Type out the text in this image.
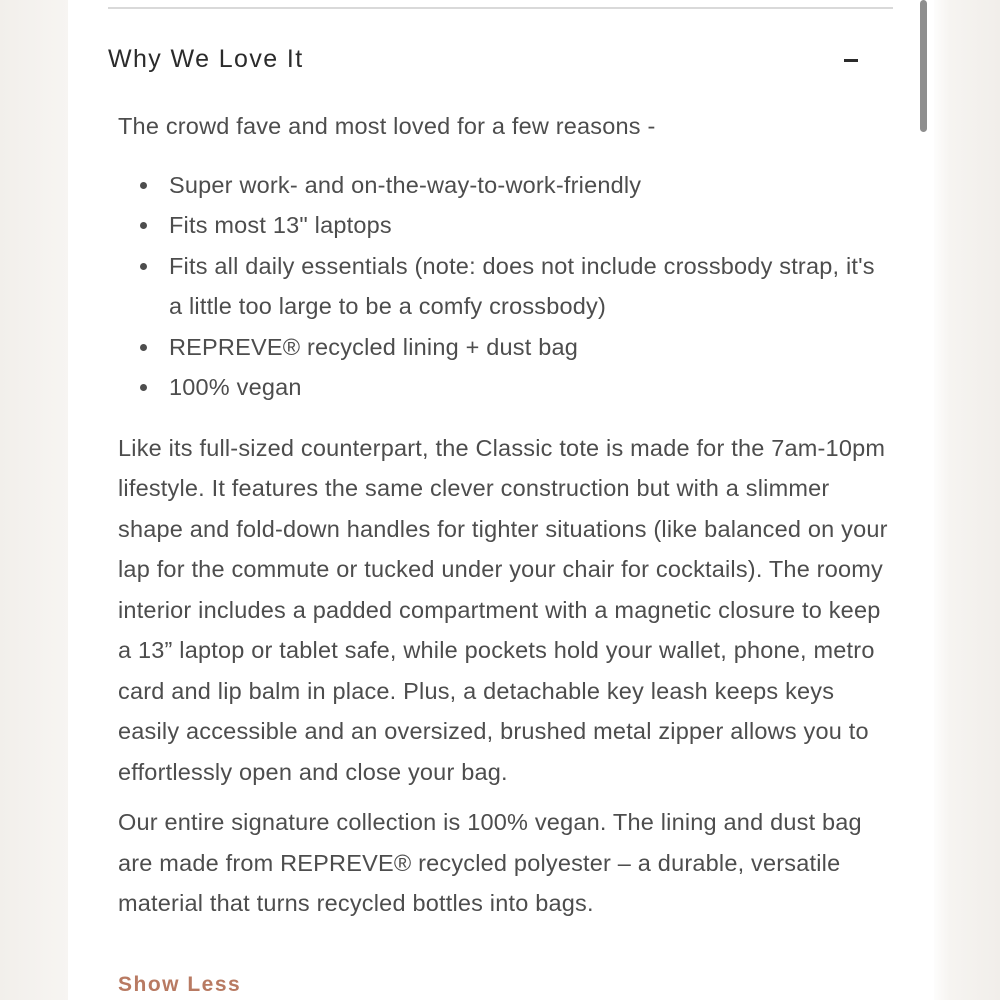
Why We Love It

The crowd fave and most loved for a few reasons -

Super work- and on-the-way-to-work-friendly
Fits most 13" laptops
Fits all daily essentials (note: does not include crossbody strap, it's a little too large to be a comfy crossbody)
REPREVE® recycled lining + dust bag
100% vegan

Like its full-sized counterpart, the Classic tote is made for the 7am-10pm lifestyle. It features the same clever construction but with a slimmer shape and fold-down handles for tighter situations (like balanced on your lap for the commute or tucked under your chair for cocktails). The roomy interior includes a padded compartment with a magnetic closure to keep a 13” laptop or tablet safe, while pockets hold your wallet, phone, metro card and lip balm in place. Plus, a detachable key leash keeps keys easily accessible and an oversized, brushed metal zipper allows you to effortlessly open and close your bag.

Our entire signature collection is 100% vegan. The lining and dust bag are made from REPREVE® recycled polyester – a durable, versatile material that turns recycled bottles into bags.

Show Less
